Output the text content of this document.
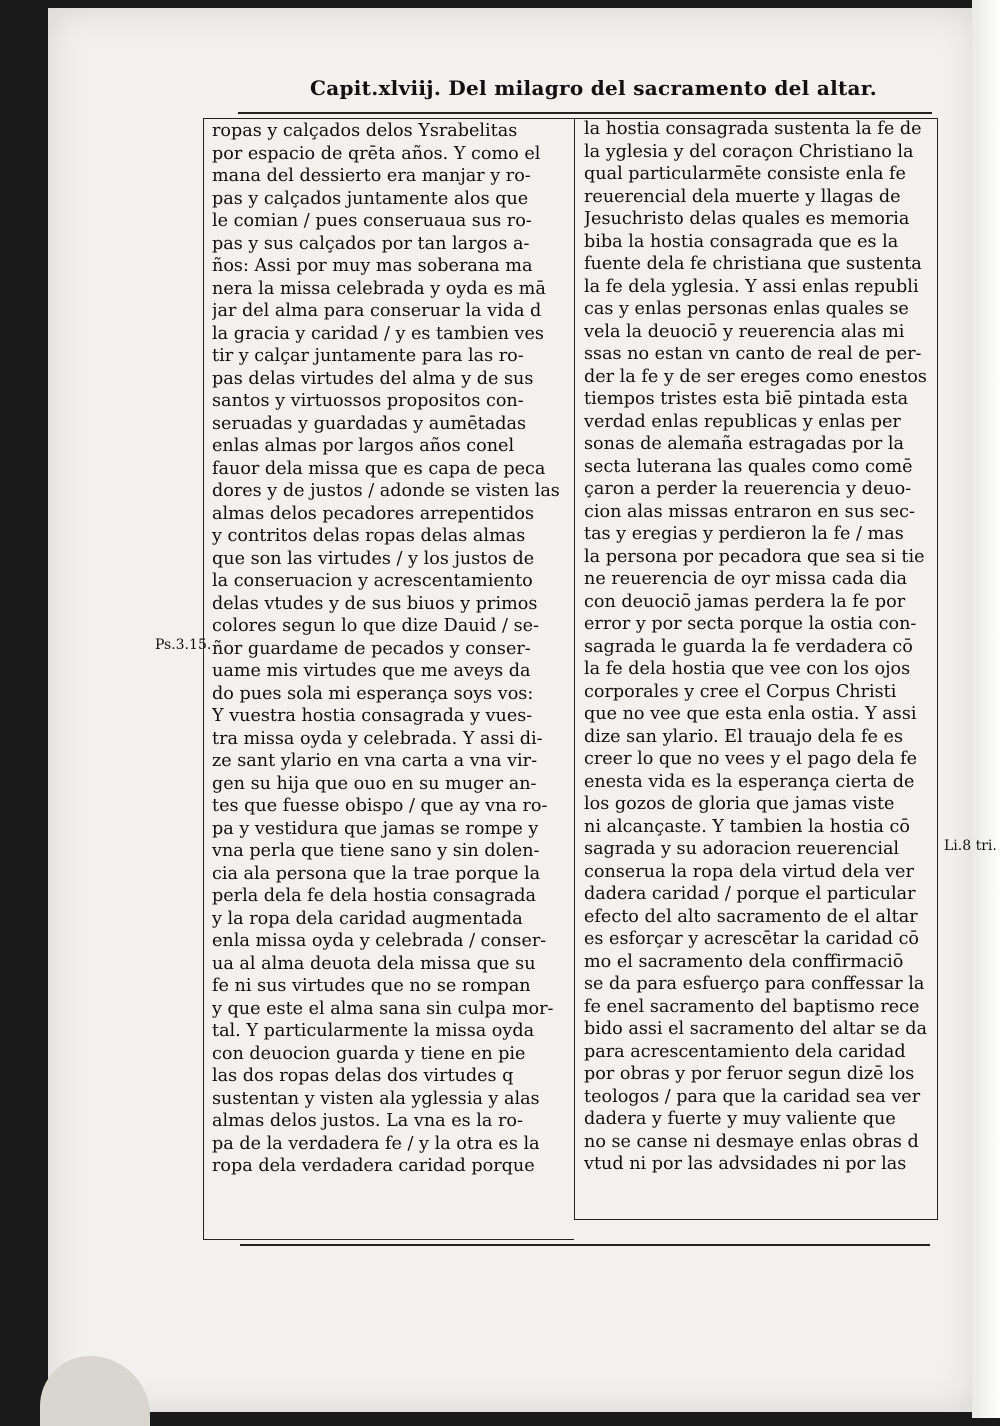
Capit.xlviij. Del milagro del sacramento del altar.
ropas y calçados delos Ysrabelitas
por espacio de qrēta años. Y como el
mana del dessierto era manjar y ro-
pas y calçados juntamente alos que
le comian / pues conseruaua sus ro-
pas y sus calçados por tan largos a-
ños: Assi por muy mas soberana ma
nera la missa celebrada y oyda es mā
jar del alma para conseruar la vida d
la gracia y caridad / y es tambien ves
tir y calçar juntamente para las ro-
pas delas virtudes del alma y de sus
santos y virtuossos propositos con-
seruadas y guardadas y aumētadas
enlas almas por largos años conel
fauor dela missa que es capa de peca
dores y de justos / adonde se visten las
almas delos pecadores arrepentidos
y contritos delas ropas delas almas
que son las virtudes / y los justos de
la conseruacion y acrescentamiento
delas vtudes y de sus biuos y primos
colores segun lo que dize Dauid / se-
ñor guardame de pecados y conser-
uame mis virtudes que me aveys da
do pues sola mi esperança soys vos:
Y vuestra hostia consagrada y vues-
tra missa oyda y celebrada. Y assi di-
ze sant ylario en vna carta a vna vir-
gen su hija que ouo en su muger an-
tes que fuesse obispo / que ay vna ro-
pa y vestidura que jamas se rompe y
vna perla que tiene sano y sin dolen-
cia ala persona que la trae porque la
perla dela fe dela hostia consagrada
y la ropa dela caridad augmentada
enla missa oyda y celebrada / conser-
ua al alma deuota dela missa que su
fe ni sus virtudes que no se rompan
y que este el alma sana sin culpa mor-
tal. Y particularmente la missa oyda
con deuocion guarda y tiene en pie
las dos ropas delas dos virtudes q
sustentan y visten ala yglessia y alas
almas delos justos. La vna es la ro-
pa de la verdadera fe / y la otra es la
ropa dela verdadera caridad porque
la hostia consagrada sustenta la fe de
la yglesia y del coraçon Christiano la
qual particularmēte consiste enla fe
reuerencial dela muerte y llagas de
Jesuchristo delas quales es memoria
biba la hostia consagrada que es la
fuente dela fe christiana que sustenta
la fe dela yglesia. Y assi enlas republi
cas y enlas personas enlas quales se
vela la deuociō y reuerencia alas mi
ssas no estan vn canto de real de per-
der la fe y de ser ereges como enestos
tiempos tristes esta biē pintada esta
verdad enlas republicas y enlas per
sonas de alemaña estragadas por la
secta luterana las quales como comē
çaron a perder la reuerencia y deuo-
cion alas missas entraron en sus sec-
tas y eregias y perdieron la fe / mas
la persona por pecadora que sea si tie
ne reuerencia de oyr missa cada dia
con deuociō jamas perdera la fe por
error y por secta porque la ostia con-
sagrada le guarda la fe verdadera cō
la fe dela hostia que vee con los ojos
corporales y cree el Corpus Christi
que no vee que esta enla ostia. Y assi
dize san ylario. El trauajo dela fe es
creer lo que no vees y el pago dela fe
enesta vida es la esperança cierta de
los gozos de gloria que jamas viste
ni alcançaste. Y tambien la hostia cō
sagrada y su adoracion reuerencial
conserua la ropa dela virtud dela ver
dadera caridad / porque el particular
efecto del alto sacramento de el altar
es esforçar y acrescētar la caridad cō
mo el sacramento dela conffirmaciō
se da para esfuerço para conffessar la
fe enel sacramento del baptismo rece
bido assi el sacramento del altar se da
para acrescentamiento dela caridad
por obras y por feruor segun dizē los
teologos / para que la caridad sea ver
dadera y fuerte y muy valiente que
no se canse ni desmaye enlas obras d
vtud ni por las advsidades ni por las
Ps.3.15.
Li.8 tri.
